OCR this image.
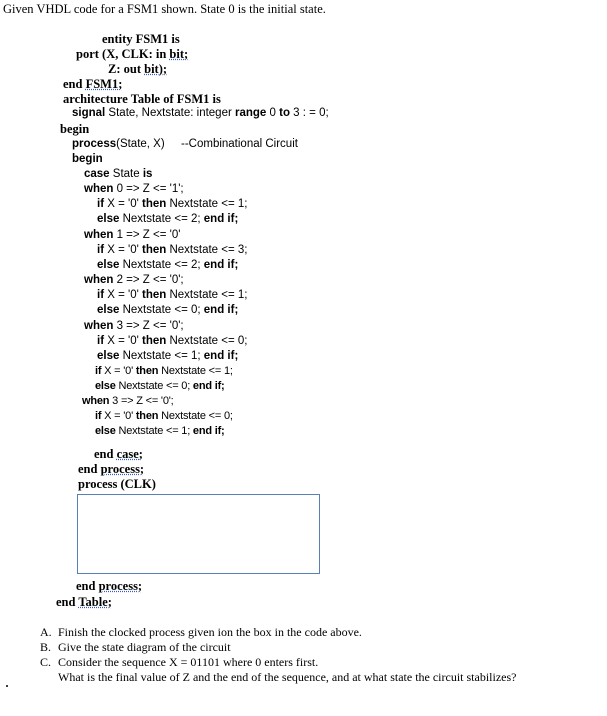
Given VHDL code for a FSM1 shown. State 0 is the initial state.
entity FSM1 is
port (X, CLK: in bit;
Z: out bit);
end FSM1;
architecture Table of FSM1 is
signal State, Nextstate: integer range 0 to 3 : = 0;
begin
process(State, X) --Combinational Circuit
begin
case State is
when 0 => Z <= '1';
if X = '0' then Nextstate <= 1;
else Nextstate <= 2; end if;
when 1 => Z <= '0'
if X = '0' then Nextstate <= 3;
else Nextstate <= 2; end if;
when 2 => Z <= '0';
if X = '0' then Nextstate <= 1;
else Nextstate <= 0; end if;
when 3 => Z <= '0';
if X = '0' then Nextstate <= 0;
else Nextstate <= 1; end if;
if X = '0' then Nextstate <= 1;
else Nextstate <= 0; end if;
when 3 => Z <= '0';
if X = '0' then Nextstate <= 0;
else Nextstate <= 1; end if;
end case;
end process;
process (CLK)
end process;
end Table;
A. Finish the clocked process given ion the box in the code above.
B. Give the state diagram of the circuit
C. Consider the sequence X = 01101 where 0 enters first.
What is the final value of Z and the end of the sequence, and at what state the circuit stabilizes?
